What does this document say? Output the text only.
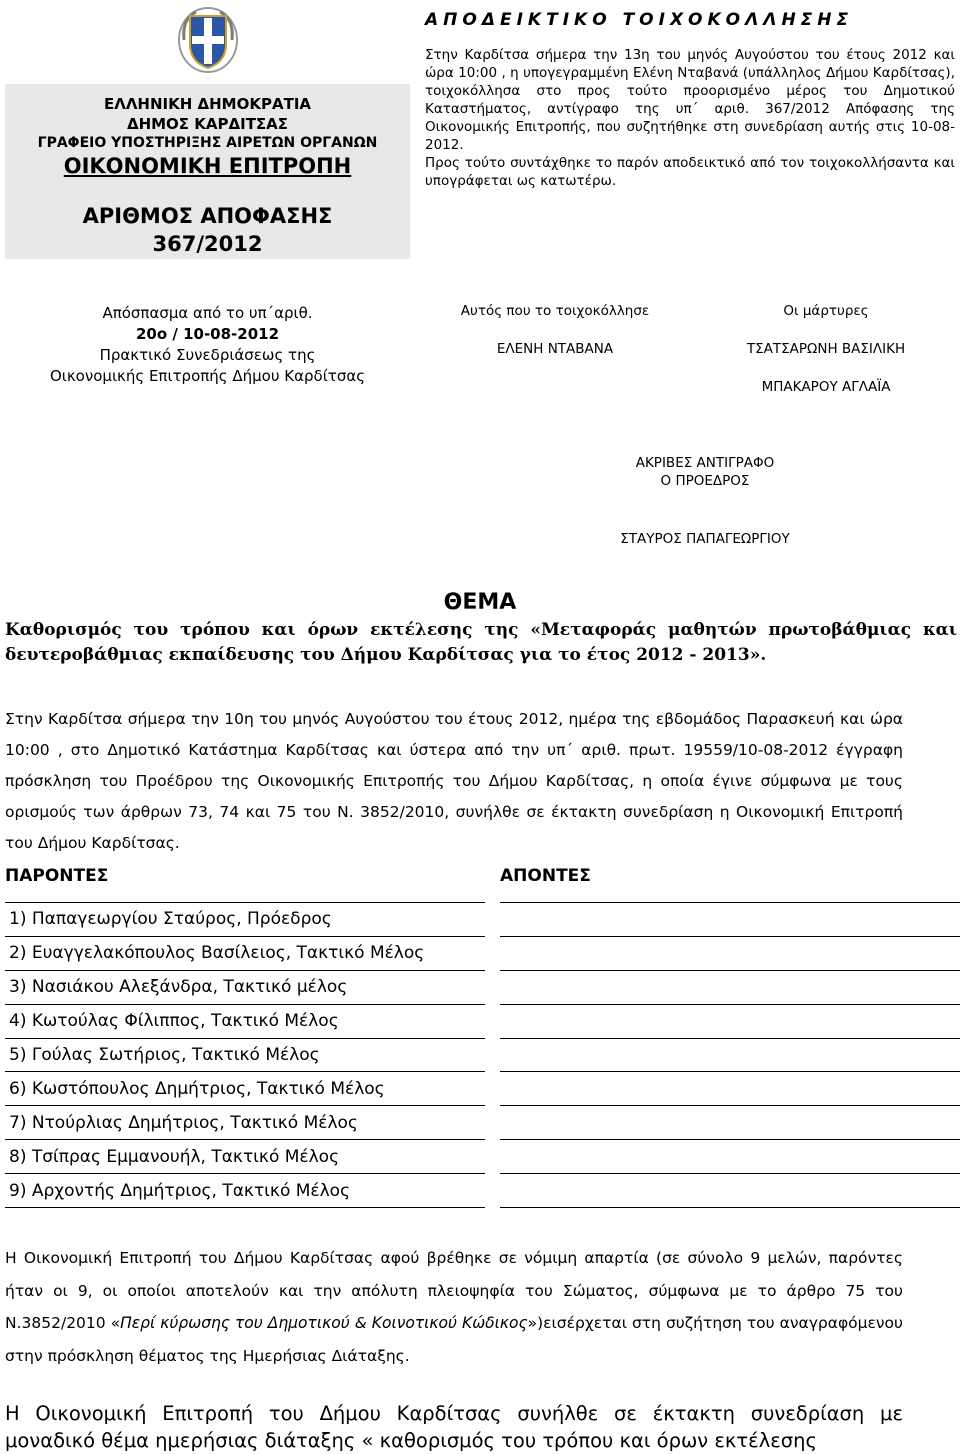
ΕΛΛΗΝΙΚΗ ΔΗΜΟΚΡΑΤΙΑ
ΔΗΜΟΣ ΚΑΡΔΙΤΣΑΣ
ΓΡΑΦΕΙΟ ΥΠΟΣΤΗΡΙΞΗΣ ΑΙΡΕΤΩΝ ΟΡΓΑΝΩΝ
ΟΙΚΟΝΟΜΙΚΗ ΕΠΙΤΡΟΠΗ
ΑΡΙΘΜΟΣ ΑΠΟΦΑΣΗΣ
367/2012
ΑΠΟΔΕΙΚΤΙΚΟ ΤΟΙΧΟΚΟΛΛΗΣΗΣ

Στην Καρδίτσα σήμερα την 13η του μηνός Αυγούστου του έτους 2012 και ώρα 10:00 , η υπογεγραμμένη Ελένη Νταβανά (υπάλληλος Δήμου Καρδίτσας), τοιχοκόλλησα στο προς τούτο προορισμένο μέρος του Δημοτικού Καταστήματος, αντίγραφο της υπ΄ αριθ. 367/2012 Απόφασης της Οικονομικής Επιτροπής, που συζητήθηκε στη συνεδρίαση αυτής στις 10-08-2012.

Προς τούτο συντάχθηκε το παρόν αποδεικτικό από τον τοιχοκολλήσαντα και υπογράφεται ως κατωτέρω.

Απόσπασμα από το υπ΄αριθ.
20ο / 10-08-2012
Πρακτικό Συνεδριάσεως της
Οικονομικής Επιτροπής Δήμου Καρδίτσας
Αυτός που το τοιχοκόλλησε
ΕΛΕΝΗ ΝΤΑΒΑΝΑ
Οι μάρτυρες
ΤΣΑΤΣΑΡΩΝΗ ΒΑΣΙΛΙΚΗ
ΜΠΑΚΑΡΟΥ ΑΓΛΑΪΑ
ΑΚΡΙΒΕΣ ΑΝΤΙΓΡΑΦΟ
Ο ΠΡΟΕΔΡΟΣ
ΣΤΑΥΡΟΣ ΠΑΠΑΓΕΩΡΓΙΟΥ
ΘΕΜΑ
Καθορισμός του τρόπου και όρων εκτέλεσης της «Μεταφοράς μαθητών πρωτοβάθμιας και δευτεροβάθμιας εκπαίδευσης του Δήμου Καρδίτσας για το έτος 2012 - 2013».
Στην Καρδίτσα σήμερα την 10η του μηνός Αυγούστου του έτους 2012, ημέρα της εβδομάδος Παρασκευή και ώρα 10:00 , στο Δημοτικό Κατάστημα Καρδίτσας και ύστερα από την υπ΄ αριθ. πρωτ. 19559/10-08-2012 έγγραφη πρόσκληση του Προέδρου της Οικονομικής Επιτροπής του Δήμου Καρδίτσας, η οποία έγινε σύμφωνα με τους ορισμούς των άρθρων 73, 74 και 75 του Ν. 3852/2010, συνήλθε σε έκτακτη συνεδρίαση η Οικονομική Επιτροπή του Δήμου Καρδίτσας.
ΠΑΡΟΝΤΕΣ	ΑΠΟΝΤΕΣ
1) Παπαγεωργίου Σταύρος, Πρόεδρος
2) Ευαγγελακόπουλος Βασίλειος, Τακτικό Μέλος
3) Νασιάκου Αλεξάνδρα, Τακτικό μέλος
4) Κωτούλας Φίλιππος, Τακτικό Μέλος
5) Γούλας Σωτήριος, Τακτικό Μέλος
6) Κωστόπουλος Δημήτριος, Τακτικό Μέλος
7) Ντούρλιας Δημήτριος, Τακτικό Μέλος
8) Τσίπρας Εμμανουήλ, Τακτικό Μέλος
9) Αρχοντής Δημήτριος, Τακτικό Μέλος

Η Οικονομική Επιτροπή του Δήμου Καρδίτσας αφού βρέθηκε σε νόμιμη απαρτία (σε σύνολο 9 μελών, παρόντες ήταν οι 9, οι οποίοι αποτελούν και την απόλυτη πλειοψηφία του Σώματος, σύμφωνα με το άρθρο 75 του Ν.3852/2010 «Περί κύρωσης του Δημοτικού & Κοινοτικού Κώδικος»)εισέρχεται στη συζήτηση του αναγραφόμενου στην πρόσκληση θέματος της Ημερήσιας Διάταξης.
Η Οικονομική Επιτροπή του Δήμου Καρδίτσας συνήλθε σε έκτακτη συνεδρίαση με μοναδικό θέμα ημερήσιας διάταξης « καθορισμός του τρόπου και όρων εκτέλεσης
